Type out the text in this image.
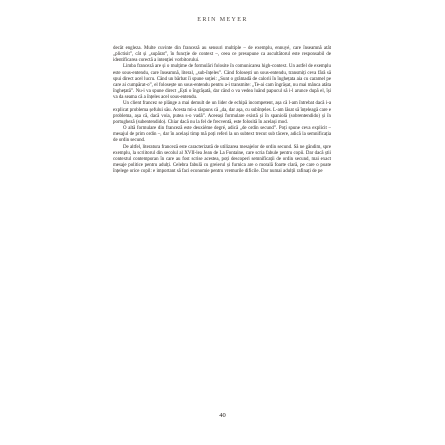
ERIN MEYER

decât engleza. Multe cuvinte din franceză au sensuri multiple – de exemplu, ennuyé, care înseamnă atât „plictisit”, cât și „supărat”, în funcție de context –, ceea ce presupune ca ascultătorul este responsabil de identificarea corectă a intenției vorbitorului.

Limba franceză are și o mulțime de formulări folosite în comunicarea high-context. Un astfel de exemplu este sous-entendu, care înseamnă, literal, „sub-înțeles”. Când folosești un sous-entendu, transmiți ceva fără să spui direct acel lucru. Când un bărbat îi spune soției: „Sunt o grămadă de calorii în înghețata aia cu caramel pe care ai cumpărat-o”, el folosește un sous-entendu pentru a-i transmite: „Te-ai cam îngrășat, nu mai mânca atâta înghețată”. Nu-i va spune direct „Ești o îngrășată, dar când o va vedea luând papucul să i-l arunce după el, își va da seama că a înțeles acel sous-entendu.

Un client francez se plânge a mai demult de un lider de echipă incompetent, așa că l-am întrebat dacă i-a explicat problema șefului său. Acesta mi-a răspuns că „da, dar așa, cu subînțeles. L-am lăsat să înțeleagă care e problema, așa că, dacă voia, putea s-o vadă”. Aceeași formulare există și în spaniolă (sobrentendido) și în portugheză (subentendido). Chiar dacă nu la fel de frecventă, este folosită în același mod.

O altă formulare din franceză este deuxième degré, adică „de ordin secund”. Poți spune ceva explicit – mesajul de prim ordin –, dar în același timp mă poți referi la un subtext trecut sub tăcere, adică la semnificația de ordin secund.

De altfel, literatura franceză este caracterizată de utilizarea mesajelor de ordin secund. Să ne gândim, spre exemplu, la scriitorul din secolul al XVII-lea Jean de La Fontaine, care scria fabule pentru copii. Dar dacă știi contextul contemporan în care au fost scrise acestea, poți descoperi semnificații de ordin secund, mai exact mesaje politice pentru adulți. Celebra fabulă cu greierul și furnica are o morală foarte clară, pe care o poate înțelege orice copil: e important să faci economie pentru vremurile dificile. Dar numai adulții rafinați de pe

40
